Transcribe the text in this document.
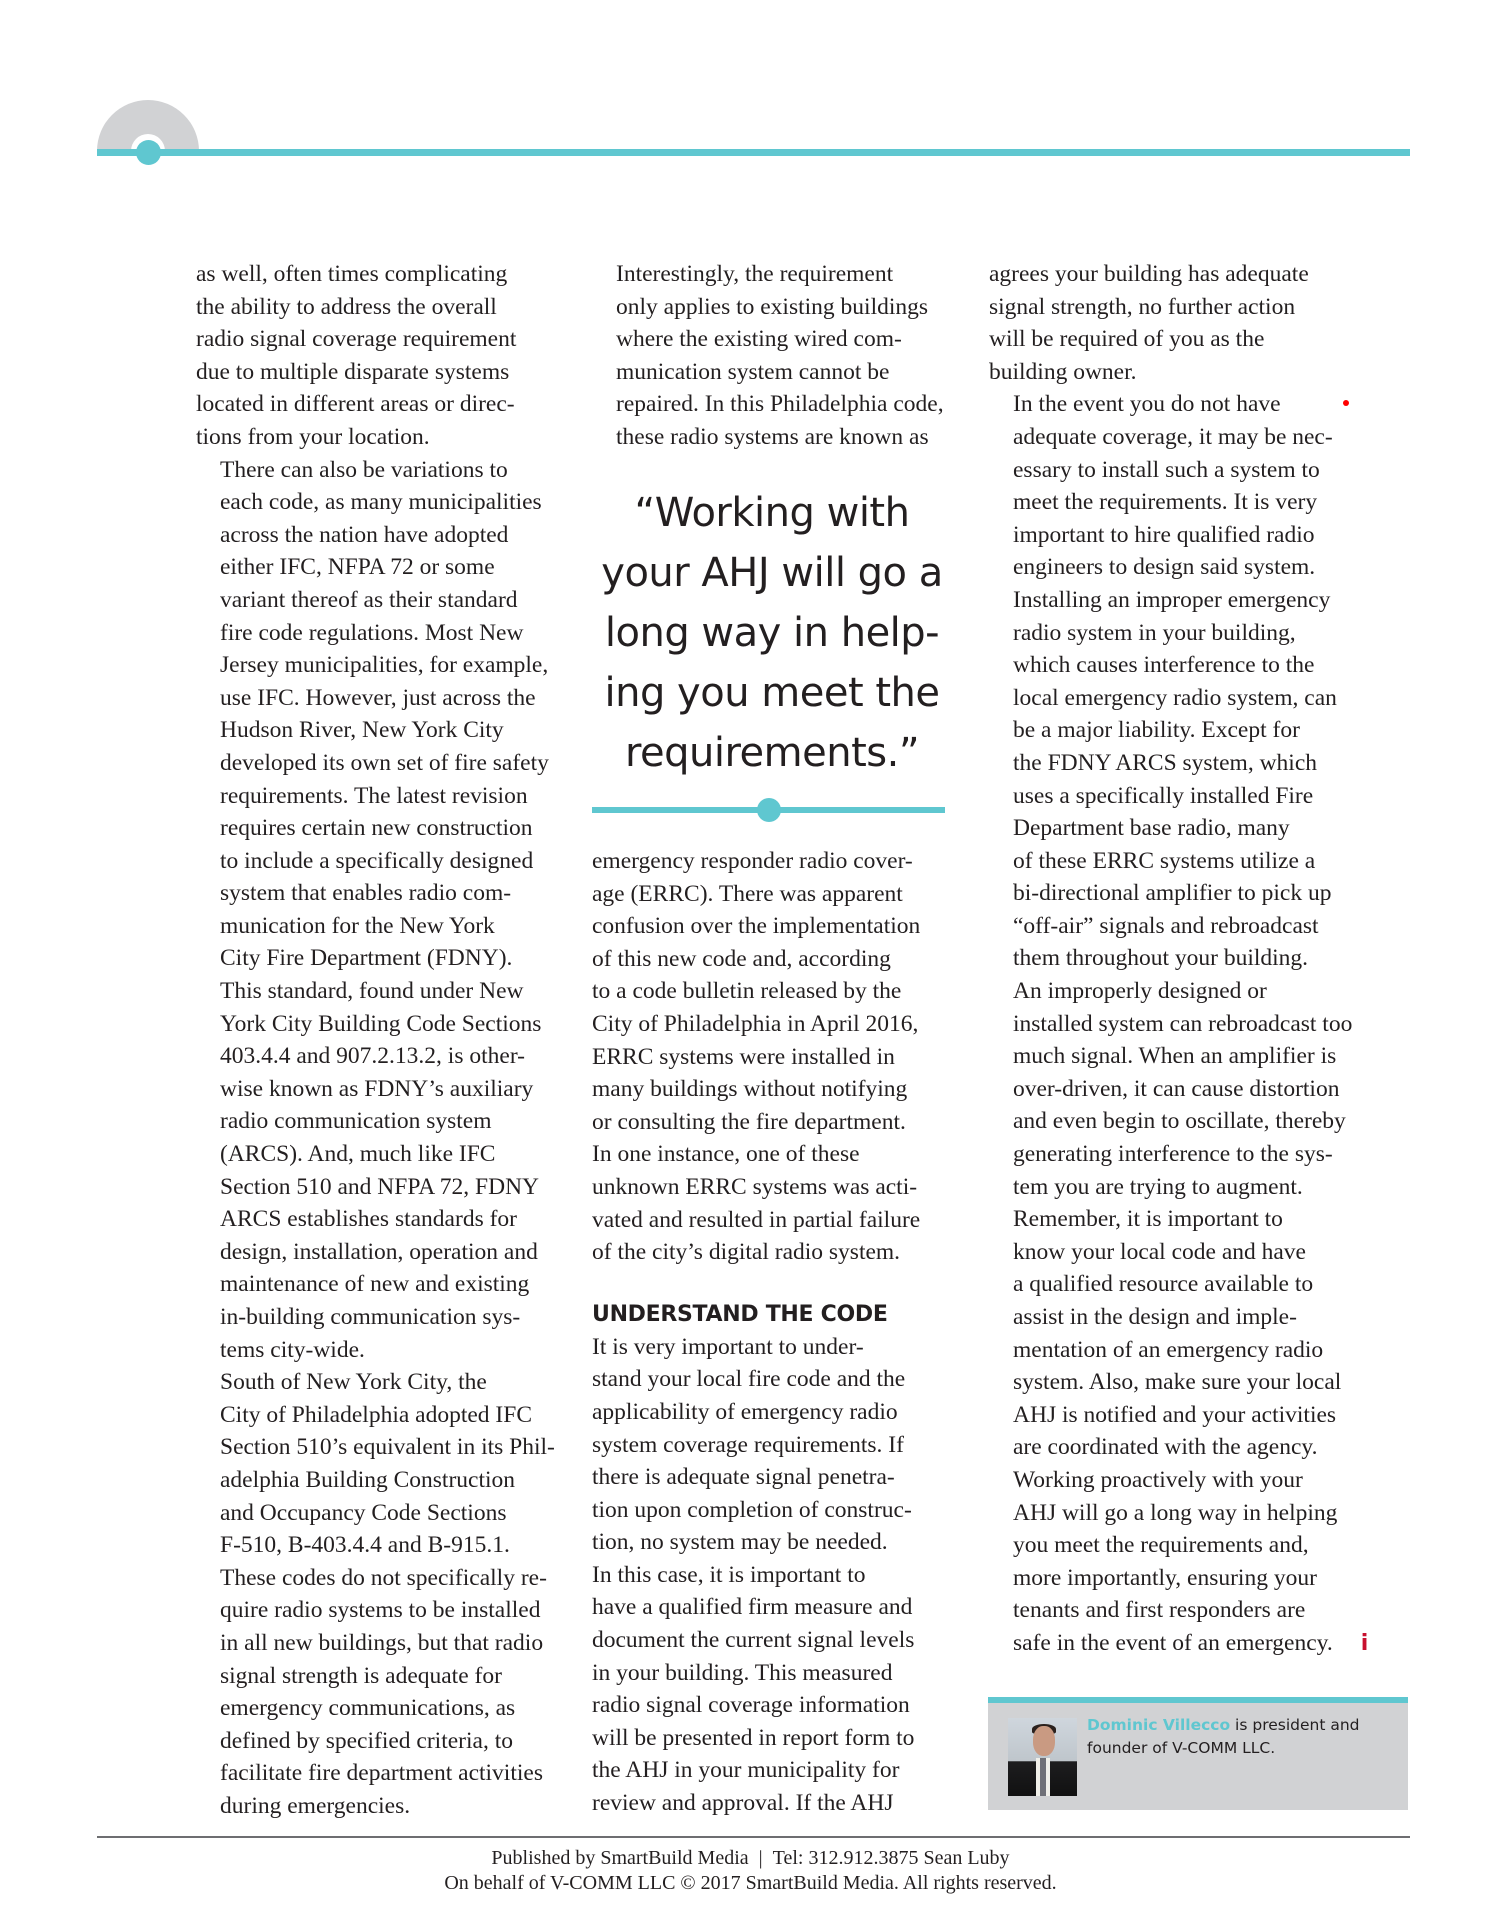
as well, often times complicating
the ability to address the overall
radio signal coverage requirement
due to multiple disparate systems
located in different areas or direc-
tions from your location.

There can also be variations to
each code, as many municipalities
across the nation have adopted
either IFC, NFPA 72 or some
variant thereof as their standard
fire code regulations. Most New
Jersey municipalities, for example,
use IFC. However, just across the
Hudson River, New York City
developed its own set of fire safety
requirements. The latest revision
requires certain new construction
to include a specifically designed
system that enables radio com-
munication for the New York
City Fire Department (FDNY).
This standard, found under New
York City Building Code Sections
403.4.4 and 907.2.13.2, is other-
wise known as FDNY’s auxiliary
radio communication system
(ARCS). And, much like IFC
Section 510 and NFPA 72, FDNY
ARCS establishes standards for
design, installation, operation and
maintenance of new and existing
in-building communication sys-
tems city-wide.

South of New York City, the
City of Philadelphia adopted IFC
Section 510’s equivalent in its Phil-
adelphia Building Construction
and Occupancy Code Sections
F-510, B-403.4.4 and B-915.1.
These codes do not specifically re-
quire radio systems to be installed
in all new buildings, but that radio
signal strength is adequate for
emergency communications, as
defined by specified criteria, to
facilitate fire department activities
during emergencies.

Interestingly, the requirement
only applies to existing buildings
where the existing wired com-
munication system cannot be
repaired. In this Philadelphia code,
these radio systems are known as

“Working with
your AHJ will go a
long way in help-
ing you meet the
requirements.”

emergency responder radio cover-
age (ERRC). There was apparent
confusion over the implementation
of this new code and, according
to a code bulletin released by the
City of Philadelphia in April 2016,
ERRC systems were installed in
many buildings without notifying
or consulting the fire department.
In one instance, one of these
unknown ERRC systems was acti-
vated and resulted in partial failure
of the city’s digital radio system.

UNDERSTAND THE CODE

It is very important to under-
stand your local fire code and the
applicability of emergency radio
system coverage requirements. If
there is adequate signal penetra-
tion upon completion of construc-
tion, no system may be needed.
In this case, it is important to
have a qualified firm measure and
document the current signal levels
in your building. This measured
radio signal coverage information
will be presented in report form to
the AHJ in your municipality for
review and approval. If the AHJ

agrees your building has adequate
signal strength, no further action
will be required of you as the
building owner.

In the event you do not have
adequate coverage, it may be nec-
essary to install such a system to
meet the requirements. It is very
important to hire qualified radio
engineers to design said system.
Installing an improper emergency
radio system in your building,
which causes interference to the
local emergency radio system, can
be a major liability. Except for
the FDNY ARCS system, which
uses a specifically installed Fire
Department base radio, many
of these ERRC systems utilize a
bi-directional amplifier to pick up
“off-air” signals and rebroadcast
them throughout your building.

An improperly designed or
installed system can rebroadcast too
much signal. When an amplifier is
over-driven, it can cause distortion
and even begin to oscillate, thereby
generating interference to the sys-
tem you are trying to augment.

Remember, it is important to
know your local code and have
a qualified resource available to
assist in the design and imple-
mentation of an emergency radio
system. Also, make sure your local
AHJ is notified and your activities
are coordinated with the agency.
Working proactively with your
AHJ will go a long way in helping
you meet the requirements and,
more importantly, ensuring your
tenants and first responders are
safe in the event of an emergency. i

Dominic Villecco is president and
founder of V-COMM LLC.
Published by SmartBuild Media | Tel: 312.912.3875 Sean Luby
On behalf of V-COMM LLC © 2017 SmartBuild Media. All rights reserved.
